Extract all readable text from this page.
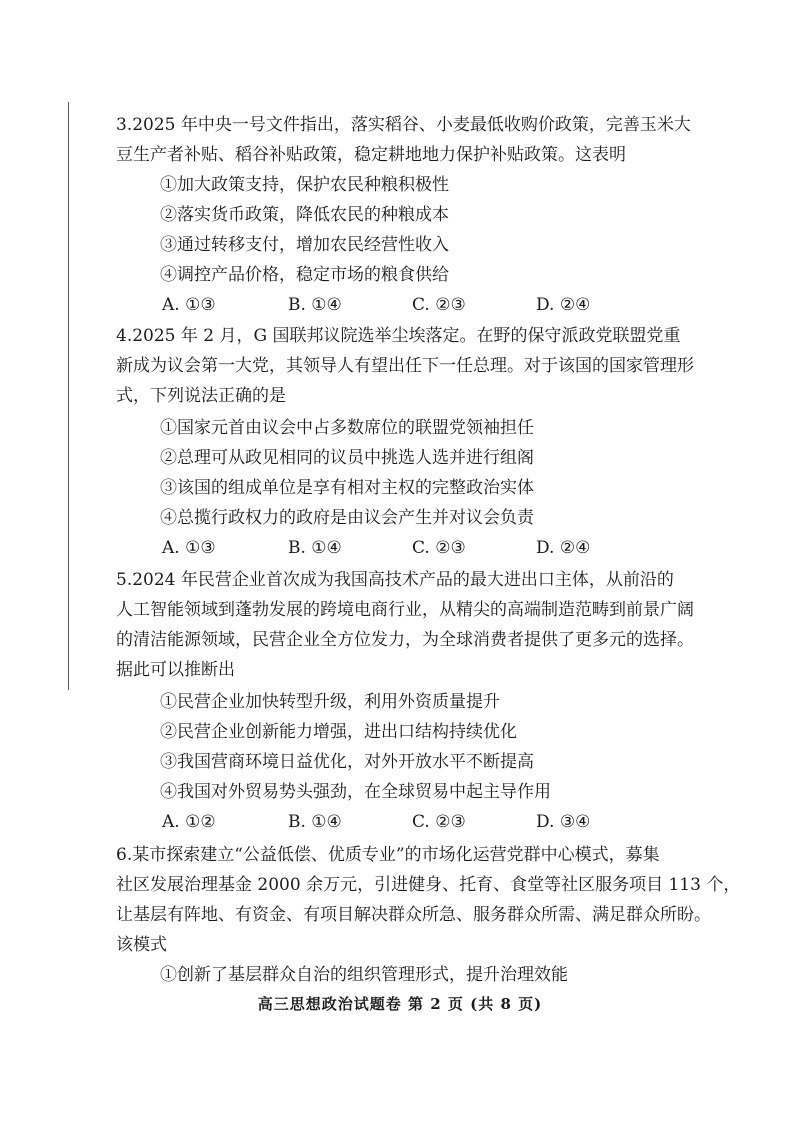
3.2025 年中央一号文件指出，落实稻谷、小麦最低收购价政策，完善玉米大
豆生产者补贴、稻谷补贴政策，稳定耕地地力保护补贴政策。这表明
①加大政策支持，保护农民种粮积极性
②落实货币政策，降低农民的种粮成本
③通过转移支付，增加农民经营性收入
④调控产品价格，稳定市场的粮食供给
A. ①③	B. ①④	C. ②③	D. ②④
4.2025 年 2 月，G 国联邦议院选举尘埃落定。在野的保守派政党联盟党重
新成为议会第一大党，其领导人有望出任下一任总理。对于该国的国家管理形
式，下列说法正确的是
①国家元首由议会中占多数席位的联盟党领袖担任
②总理可从政见相同的议员中挑选人选并进行组阁
③该国的组成单位是享有相对主权的完整政治实体
④总揽行政权力的政府是由议会产生并对议会负责
A. ①③	B. ①④	C. ②③	D. ②④
5.2024 年民营企业首次成为我国高技术产品的最大进出口主体，从前沿的
人工智能领域到蓬勃发展的跨境电商行业，从精尖的高端制造范畴到前景广阔
的清洁能源领域，民营企业全方位发力，为全球消费者提供了更多元的选择。
据此可以推断出
①民营企业加快转型升级，利用外资质量提升
②民营企业创新能力增强，进出口结构持续优化
③我国营商环境日益优化，对外开放水平不断提高
④我国对外贸易势头强劲，在全球贸易中起主导作用
A. ①②	B. ①④	C. ②③	D. ③④
6.某市探索建立“公益低偿、优质专业”的市场化运营党群中心模式，募集
社区发展治理基金 2000 余万元，引进健身、托育、食堂等社区服务项目 113 个，
让基层有阵地、有资金、有项目解决群众所急、服务群众所需、满足群众所盼。
该模式
①创新了基层群众自治的组织管理形式，提升治理效能
高三思想政治试题卷 第 2 页 (共 8 页)
